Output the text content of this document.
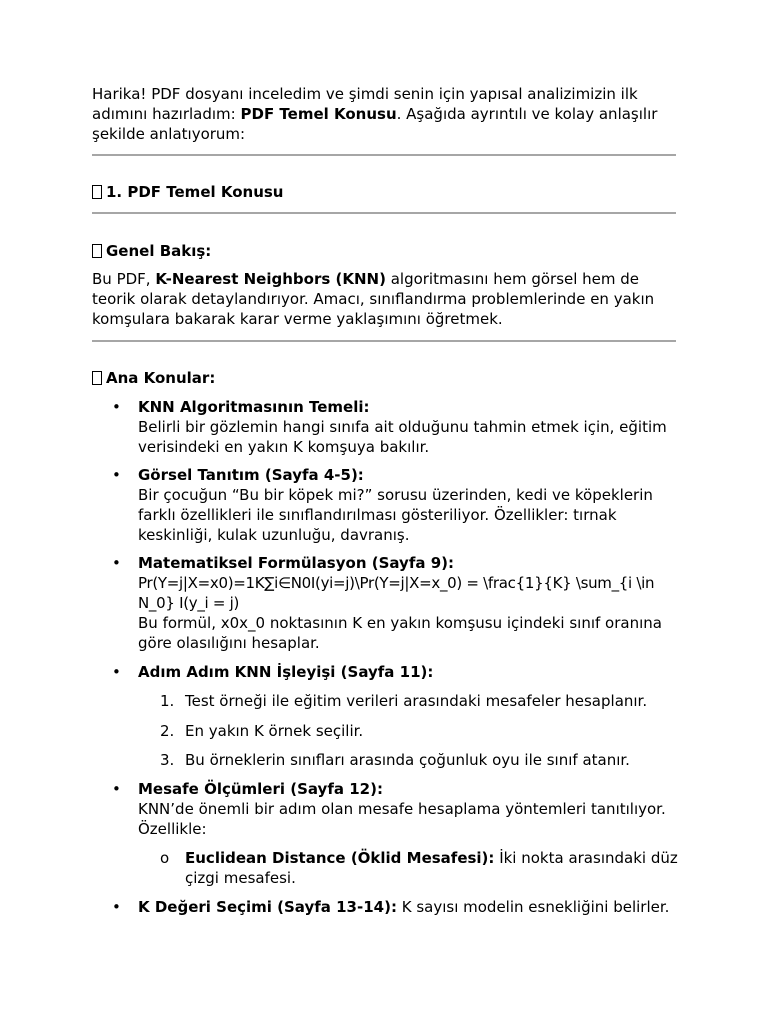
Harika! PDF dosyanı inceledim ve şimdi senin için yapısal analizimizin ilk adımını hazırladım: PDF Temel Konusu. Aşağıda ayrıntılı ve kolay anlaşılır şekilde anlatıyorum:

1. PDF Temel Konusu

Genel Bakış:

Bu PDF, K-Nearest Neighbors (KNN) algoritmasını hem görsel hem de teorik olarak detaylandırıyor. Amacı, sınıflandırma problemlerinde en yakın komşulara bakarak karar verme yaklaşımını öğretmek.

Ana Konular:

• KNN Algoritmasının Temeli:
Belirli bir gözlemin hangi sınıfa ait olduğunu tahmin etmek için, eğitim verisindeki en yakın K komşuya bakılır.

• Görsel Tanıtım (Sayfa 4-5):
Bir çocuğun “Bu bir köpek mi?” sorusu üzerinden, kedi ve köpeklerin farklı özellikleri ile sınıflandırılması gösteriliyor. Özellikler: tırnak keskinliği, kulak uzunluğu, davranış.

• Matematiksel Formülasyon (Sayfa 9):
Pr(Y=j|X=x0)=1K∑i∈N0I(yi=j)\Pr(Y=j|X=x_0) = \frac{1}{K} \sum_{i \in N_0} I(y_i = j)
Bu formül, x0x_0 noktasının K en yakın komşusu içindeki sınıf oranına göre olasılığını hesaplar.

• Adım Adım KNN İşleyişi (Sayfa 11):

1. Test örneği ile eğitim verileri arasındaki mesafeler hesaplanır.

2. En yakın K örnek seçilir.

3. Bu örneklerin sınıfları arasında çoğunluk oyu ile sınıf atanır.

• Mesafe Ölçümleri (Sayfa 12):
KNN’de önemli bir adım olan mesafe hesaplama yöntemleri tanıtılıyor. Özellikle:

o	Euclidean Distance (Öklid Mesafesi): İki nokta arasındaki düz çizgi mesafesi.

• K Değeri Seçimi (Sayfa 13-14): K sayısı modelin esnekliğini belirler.
